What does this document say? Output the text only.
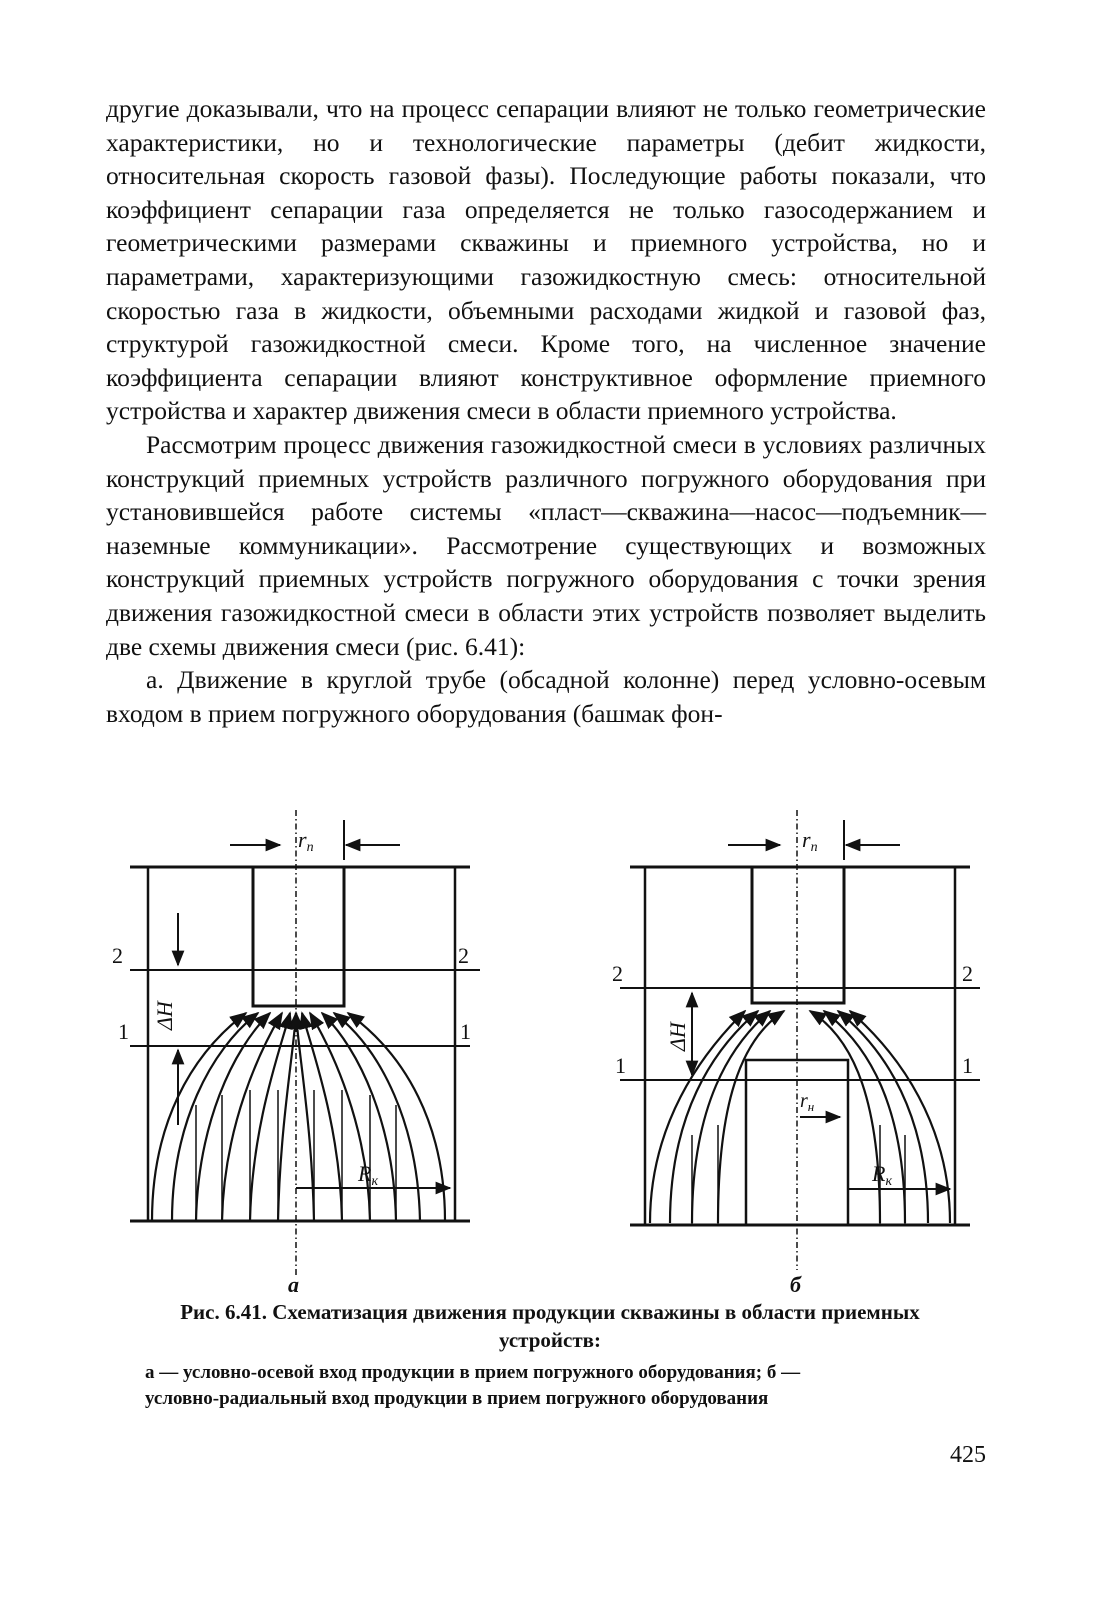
другие доказывали, что на процесс сепарации влияют не только геометрические характеристики, но и технологические параметры (дебит жидкости, относительная скорость газовой фазы). Последующие работы показали, что коэффициент сепарации газа определяется не только газосодержанием и геометрическими размерами скважины и приемного устройства, но и параметрами, характеризующими газожидкостную смесь: относительной скоростью газа в жидкости, объемными расходами жидкой и газовой фаз, структурой газожидкостной смеси. Кроме того, на численное значение коэффициента сепарации влияют конструктивное оформление приемного устройства и характер движения смеси в области приемного устройства.

Рассмотрим процесс движения газожидкостной смеси в условиях различных конструкций приемных устройств различного погружного оборудования при установившейся работе системы «пласт—скважина—насос—подъемник—наземные коммуникации». Рассмотрение существующих и возможных конструкций приемных устройств погружного оборудования с точки зрения движения газожидкостной смеси в области этих устройств позволяет выделить две схемы движения смеси (рис. 6.41):

а. Движение в круглой трубе (обсадной колонне) перед условно-осевым входом в прием погружного оборудования (башмак фон-

rп
2	2
1	1
ΔH
Rк
а
rп
2	2
1	1
ΔH
$r_н$
Rк
б
Рис. 6.41. Схематизация движения продукции скважины в области приемных
устройств:
а — условно-осевой вход продукции в прием погружного оборудования; б —
условно-радиальный вход продукции в прием погружного оборудования
425
